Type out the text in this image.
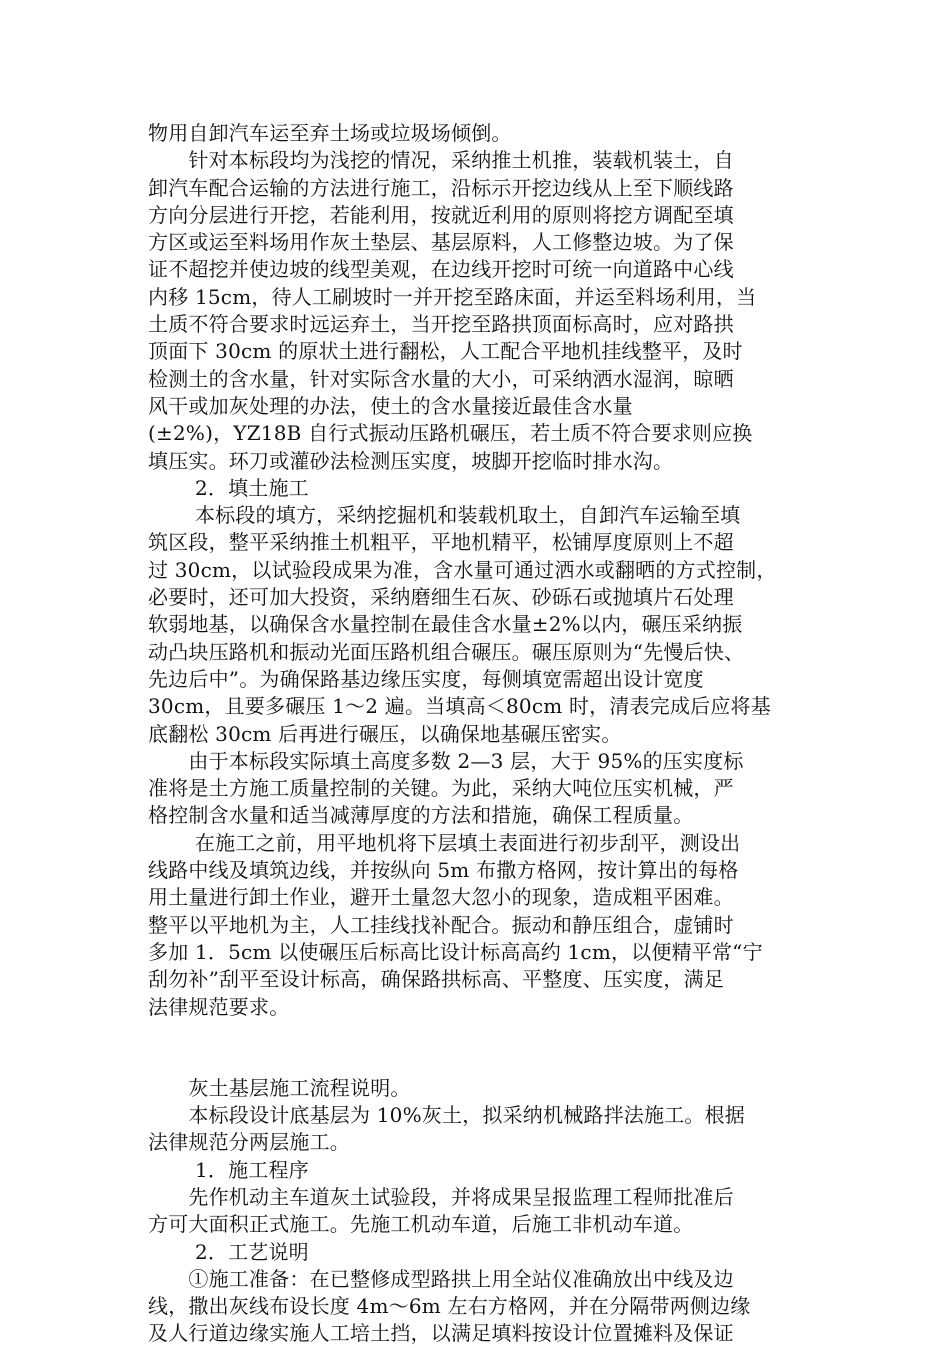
物用自卸汽车运至弃土场或垃圾场倾倒。
　　针对本标段均为浅挖的情况，采纳推土机推，装载机装土，自
卸汽车配合运输的方法进行施工，沿标示开挖边线从上至下顺线路
方向分层进行开挖，若能利用，按就近利用的原则将挖方调配至填
方区或运至料场用作灰土垫层、基层原料，人工修整边坡。为了保
证不超挖并使边坡的线型美观，在边线开挖时可统一向道路中心线
内移 15cm，待人工刷坡时一并开挖至路床面，并运至料场利用，当
土质不符合要求时远运弃土，当开挖至路拱顶面标高时，应对路拱
顶面下 30cm 的原状土进行翻松，人工配合平地机挂线整平，及时
检测土的含水量，针对实际含水量的大小，可采纳洒水湿润，晾晒
风干或加灰处理的办法，使土的含水量接近最佳含水量
(±2%)，YZ18B 自行式振动压路机碾压，若土质不符合要求则应换
填压实。环刀或灌砂法检测压实度，坡脚开挖临时排水沟。
　　 2．填土施工
　　 本标段的填方，采纳挖掘机和装载机取土，自卸汽车运输至填
筑区段，整平采纳推土机粗平，平地机精平，松铺厚度原则上不超
过 30cm，以试验段成果为准，含水量可通过洒水或翻晒的方式控制，
必要时，还可加大投资，采纳磨细生石灰、砂砾石或抛填片石处理
软弱地基，以确保含水量控制在最佳含水量±2%以内，碾压采纳振
动凸块压路机和振动光面压路机组合碾压。碾压原则为“先慢后快、
先边后中”。为确保路基边缘压实度，每侧填宽需超出设计宽度
30cm，且要多碾压 1～2 遍。当填高＜80cm 时，清表完成后应将基
底翻松 30cm 后再进行碾压，以确保地基碾压密实。
　　由于本标段实际填土高度多数 2—3 层，大于 95%的压实度标
准将是土方施工质量控制的关键。为此，采纳大吨位压实机械，严
格控制含水量和适当减薄厚度的方法和措施，确保工程质量。
　　 在施工之前，用平地机将下层填土表面进行初步刮平，测设出
线路中线及填筑边线，并按纵向 5m 布撒方格网，按计算出的每格
用土量进行卸土作业，避开土量忽大忽小的现象，造成粗平困难。
整平以平地机为主，人工挂线找补配合。振动和静压组合，虚铺时
多加 1．5cm 以使碾压后标高比设计标高高约 1cm，以便精平常“宁
刮勿补”刮平至设计标高，确保路拱标高、平整度、压实度，满足
法律规范要求。
　　灰土基层施工流程说明。
　　本标段设计底基层为 10%灰土，拟采纳机械路拌法施工。根据
法律规范分两层施工。
　　 1．施工程序
　　先作机动主车道灰土试验段，并将成果呈报监理工程师批准后
方可大面积正式施工。先施工机动车道，后施工非机动车道。
　　 2．工艺说明
　　①施工准备：在已整修成型路拱上用全站仪准确放出中线及边
线，撒出灰线布设长度 4m～6m 左右方格网，并在分隔带两侧边缘
及人行道边缘实施人工培土挡，以满足填料按设计位置摊料及保证
